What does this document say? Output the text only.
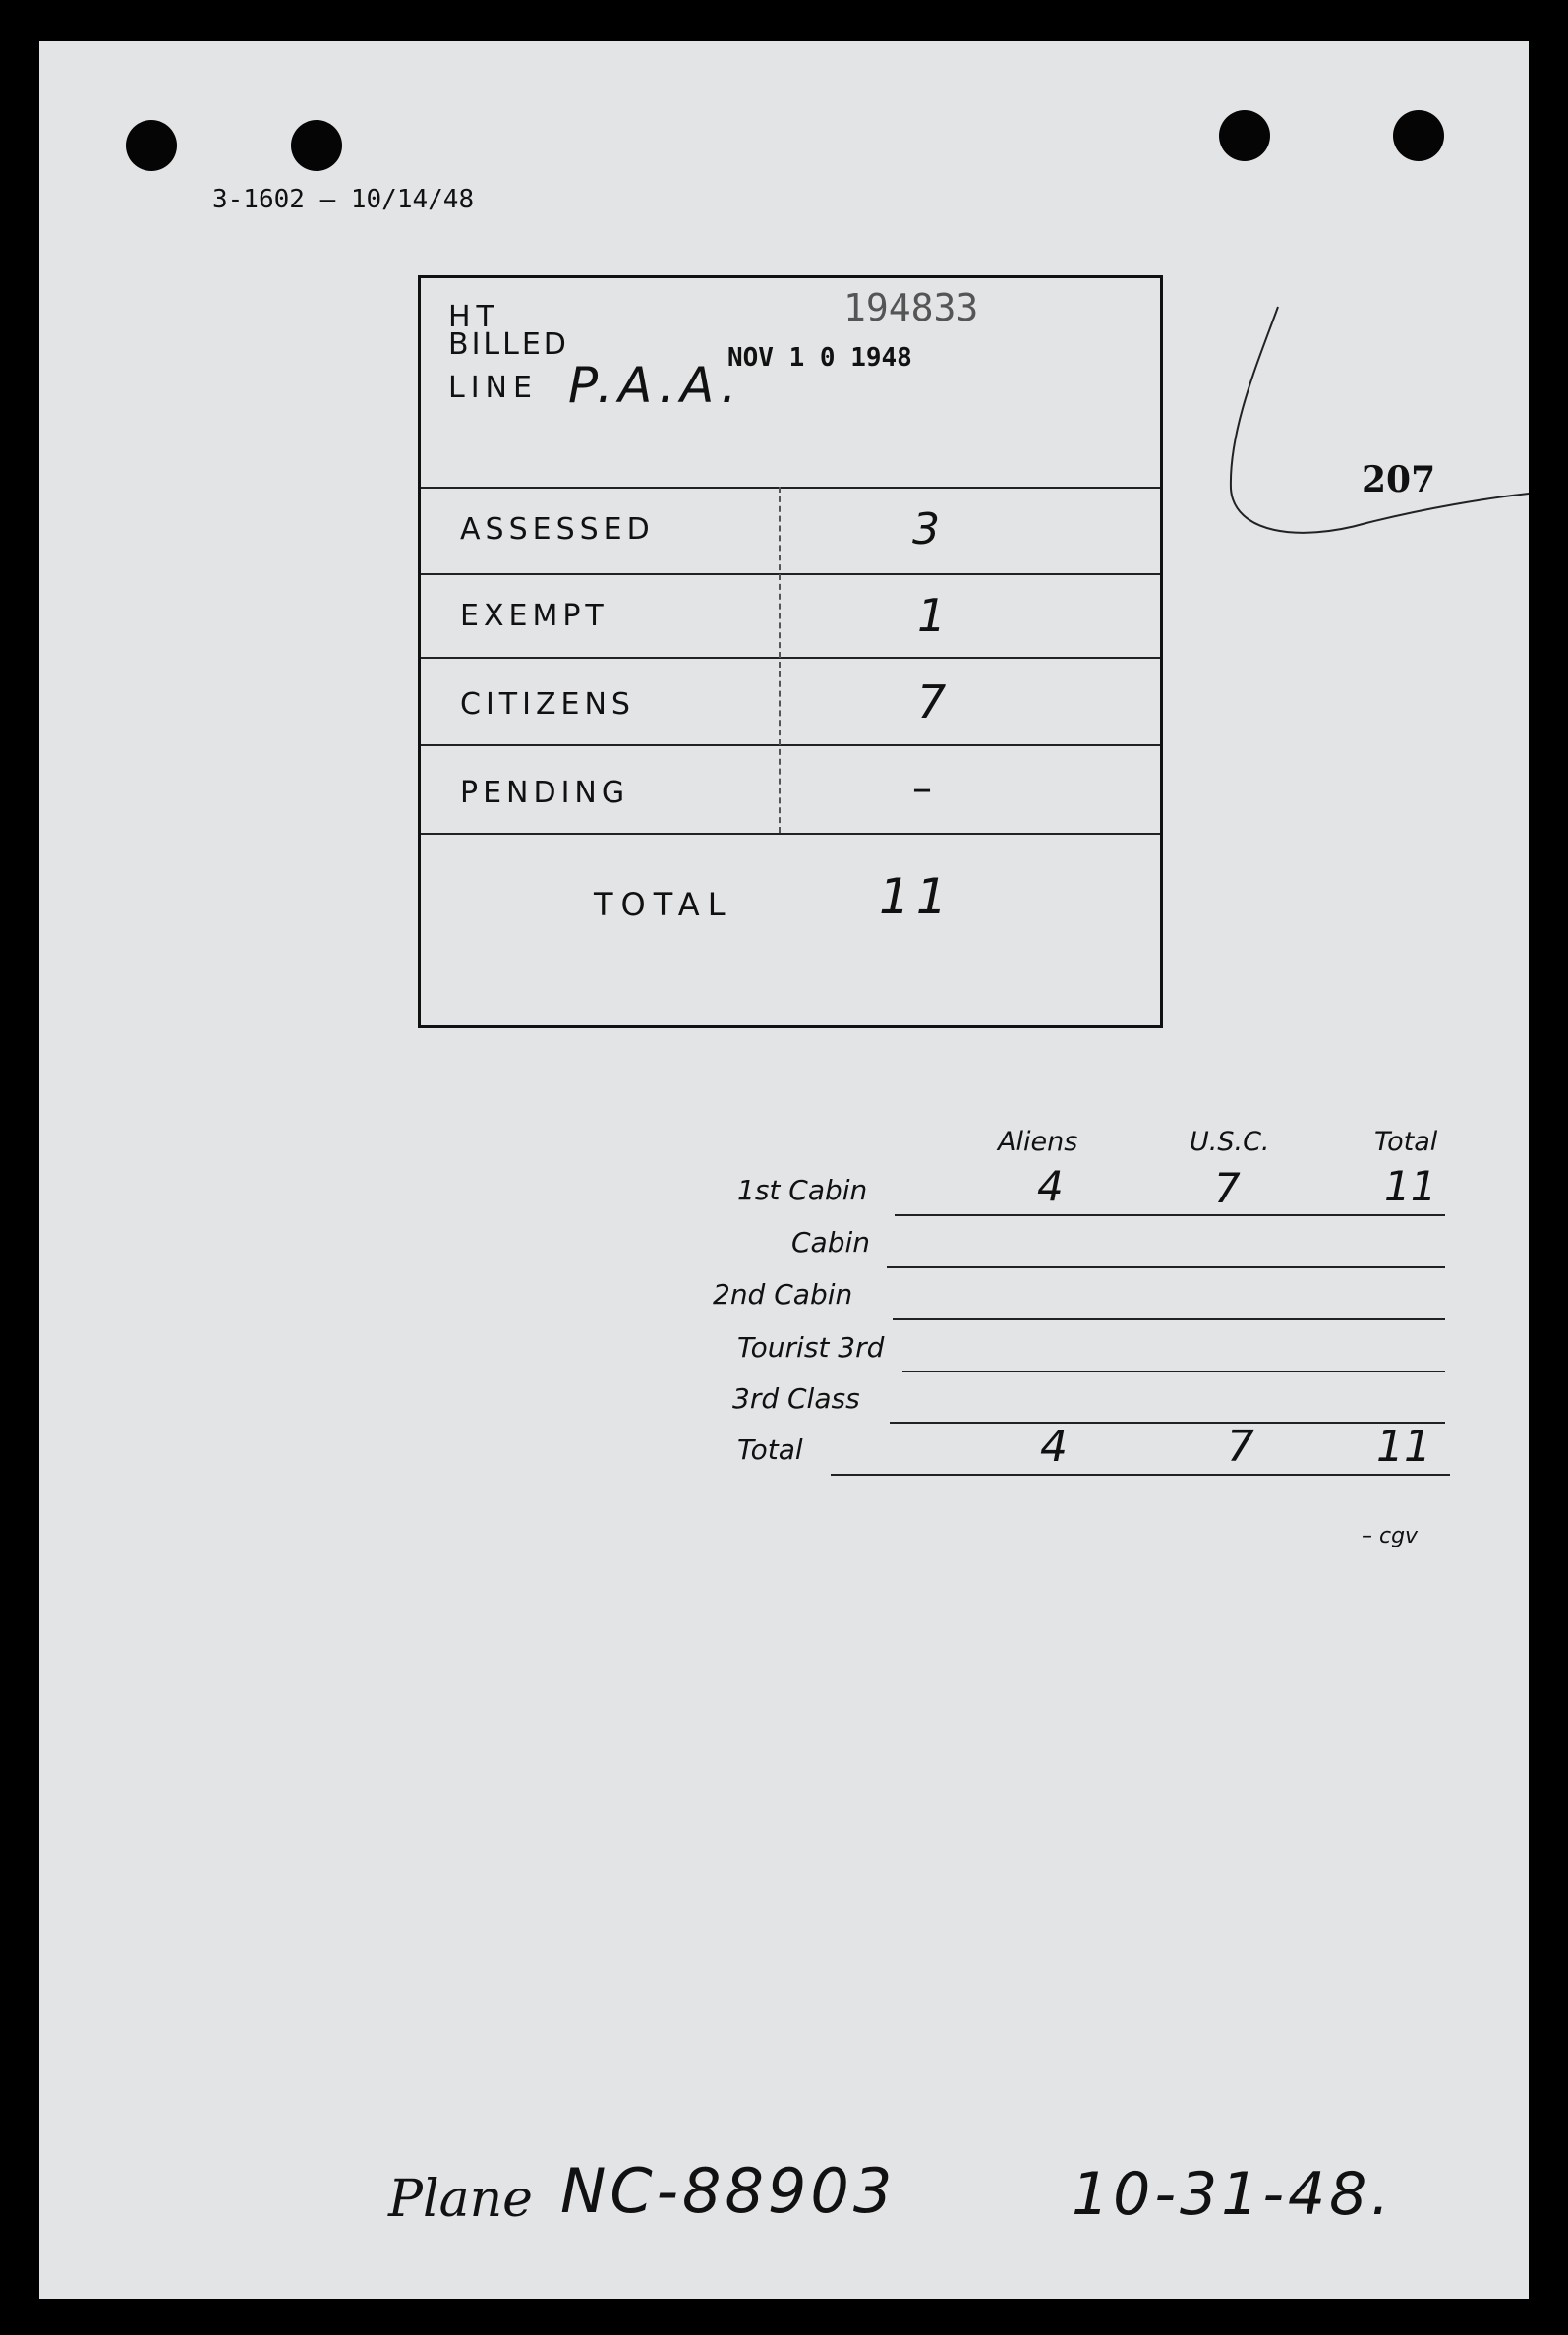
3-1602 — 10/14/48
207
HT
BILLED
194833
NOV 1 0 1948
LINE P.A.A.
ASSESSED	3
EXEMPT	1
CITIZENS	7
PENDING	–
TOTAL	11
Aliens	U.S.C.	Total
1st Cabin	4	7	11
Cabin
2nd Cabin
Tourist 3rd
3rd Class
Total	4	7	11
– cgv
Plane NC-88903	10-31-48.
